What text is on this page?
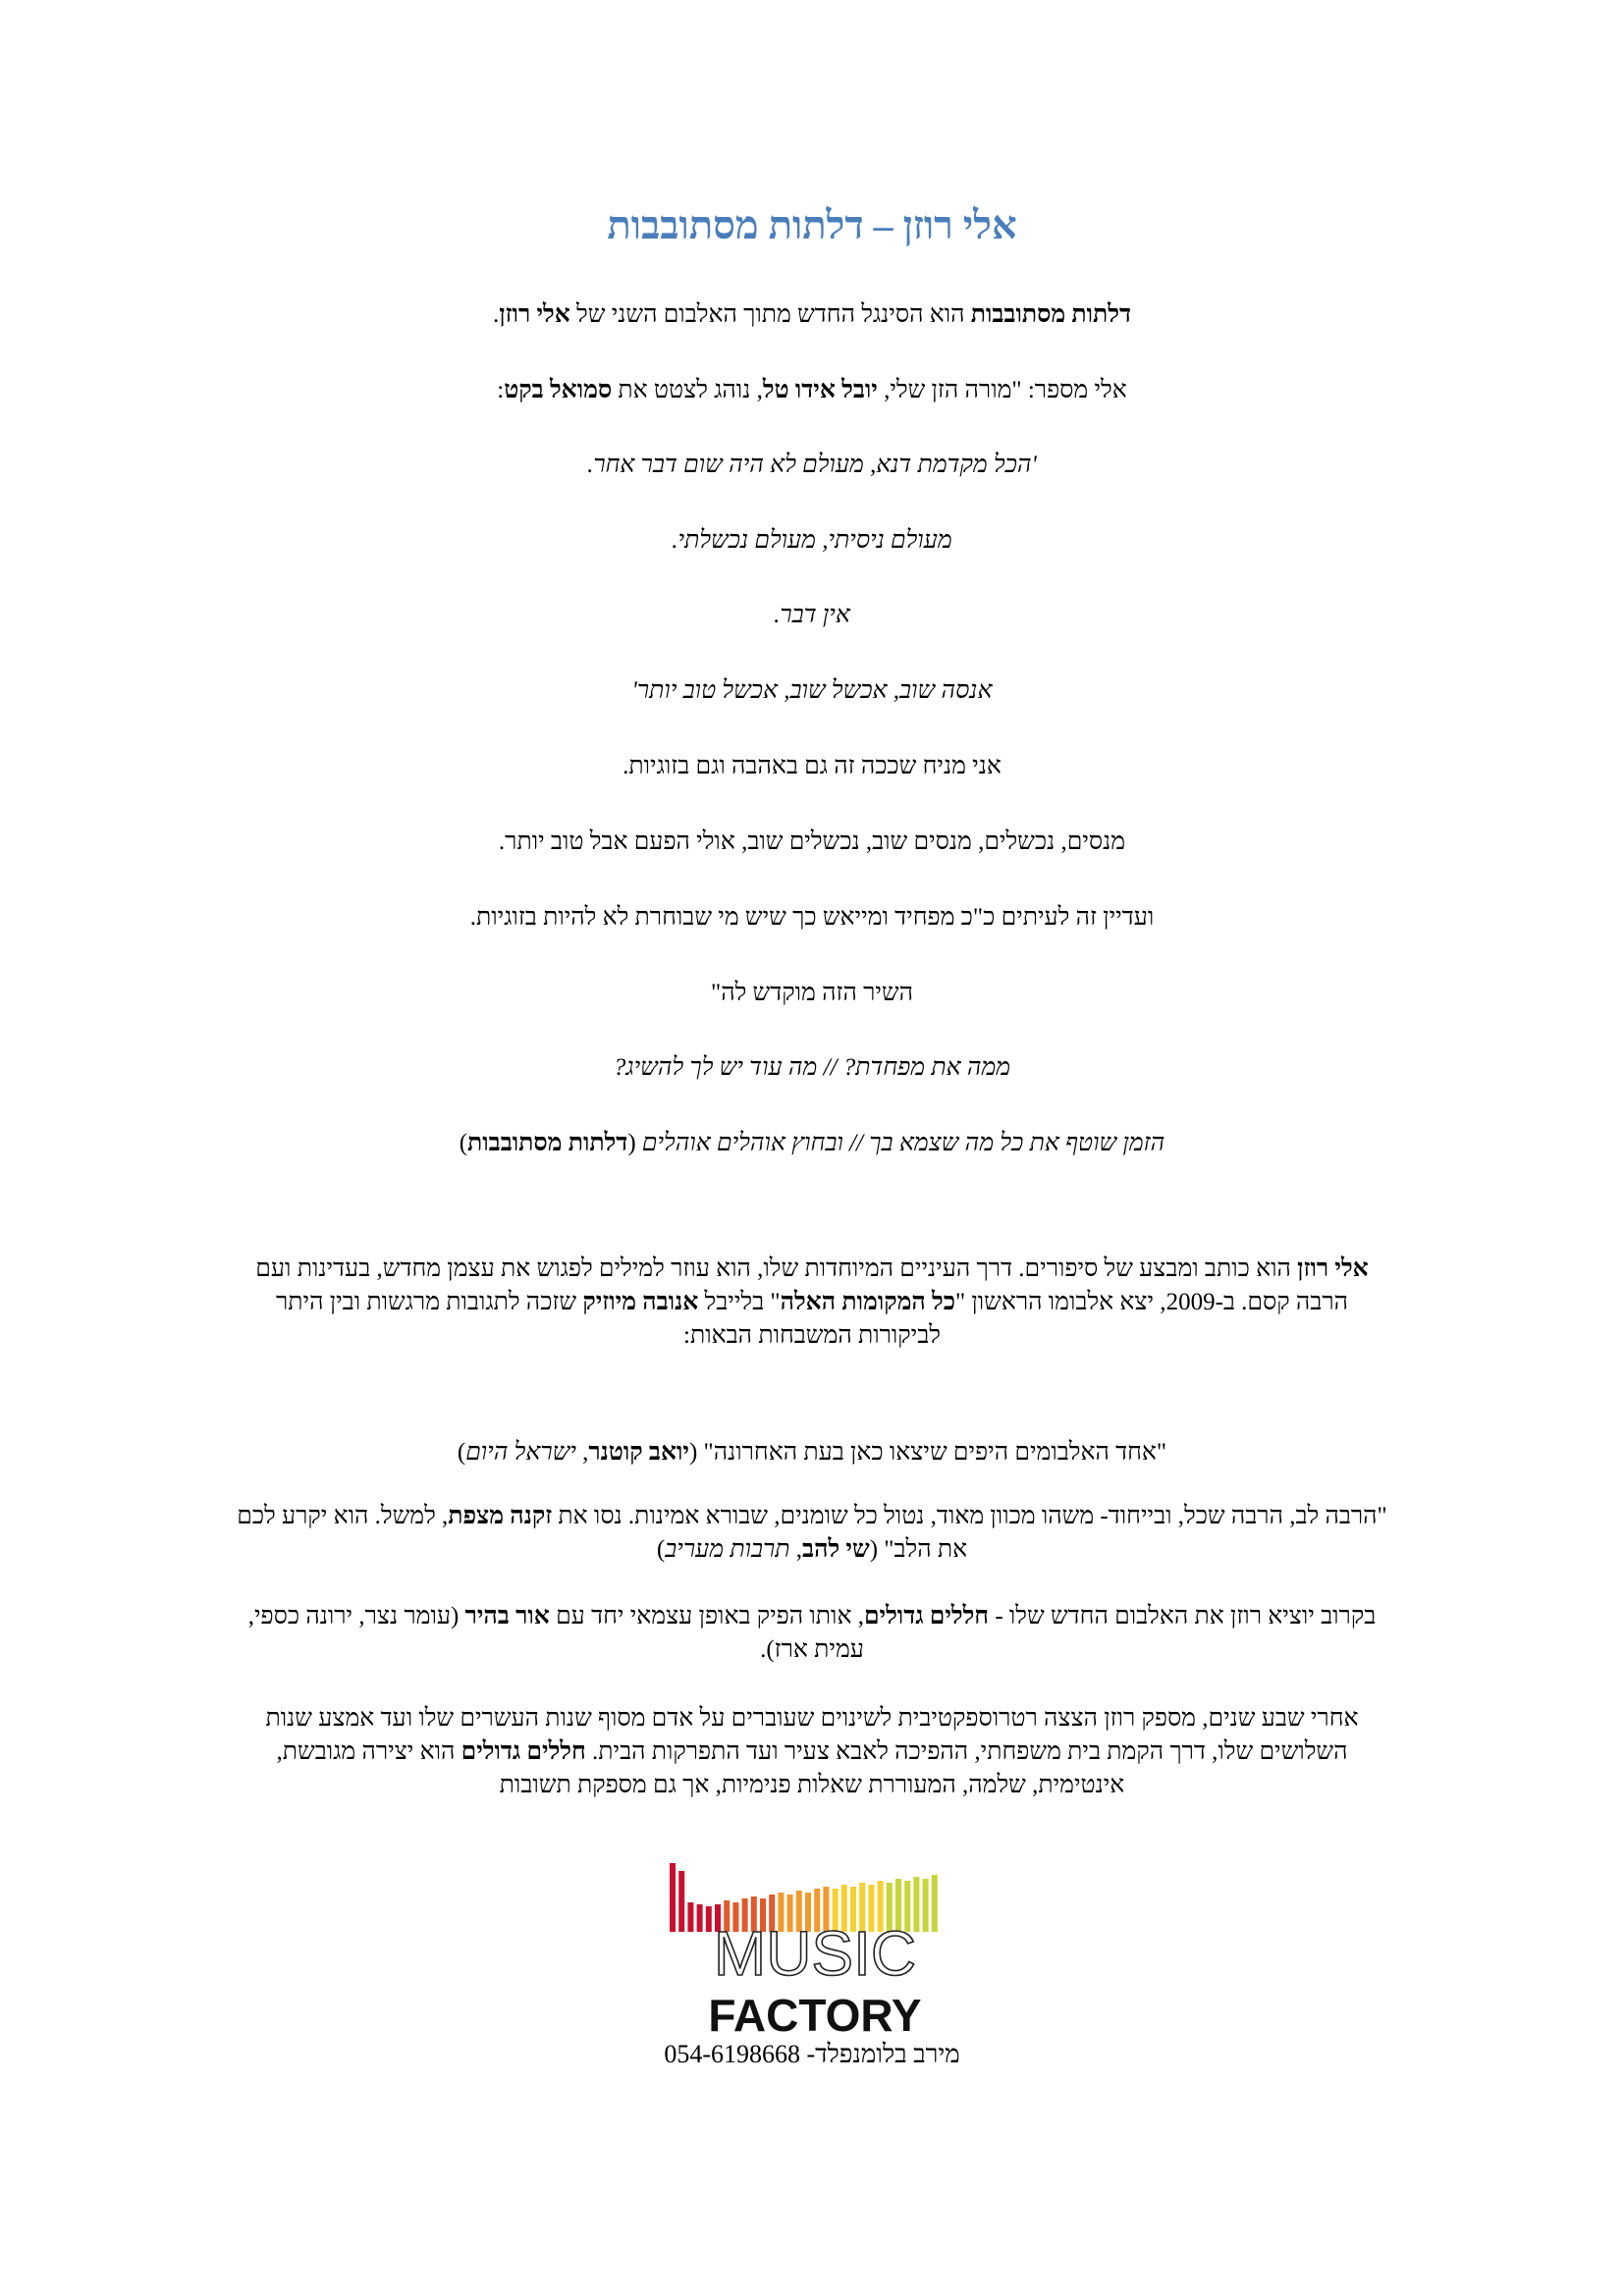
אלי רוזן – דלתות מסתובבות

דלתות מסתובבות הוא הסינגל החדש מתוך האלבום השני של אלי רוזן.

אלי מספר: "מורה הזן שלי, יובל אידו טל, נוהג לצטט את סמואל בקט:

'הכל מקדמת דנא, מעולם לא היה שום דבר אחר.

מעולם ניסיתי, מעולם נכשלתי.

אין דבר.

אנסה שוב, אכשל שוב, אכשל טוב יותר'

אני מניח שככה זה גם באהבה וגם בזוגיות.

מנסים, נכשלים, מנסים שוב, נכשלים שוב, אולי הפעם אבל טוב יותר.

ועדיין זה לעיתים כ"כ מפחיד ומייאש כך שיש מי שבוחרת לא להיות בזוגיות.

השיר הזה מוקדש לה"

ממה את מפחדת? // מה עוד יש לך להשיג?

הזמן שוטף את כל מה שצמא בך // ובחוץ אוהלים אוהלים (דלתות מסתובבות)

אלי רוזן הוא כותב ומבצע של סיפורים. דרך העיניים המיוחדות שלו, הוא עוזר למילים לפגוש את עצמן מחדש, בעדינות ועם הרבה קסם. ב-2009, יצא אלבומו הראשון "כל המקומות האלה" בלייבל אנובה מיוזיק שזכה לתגובות מרגשות ובין היתר לביקורות המשבחות הבאות:

"אחד האלבומים היפים שיצאו כאן בעת האחרונה" (יואב קוטנר, ישראל היום)

"הרבה לב, הרבה שכל, ובייחוד- משהו מכוון מאוד, נטול כל שומנים, שבורא אמינות. נסו את זקנה מצפת, למשל. הוא יקרע לכם את הלב" (שי להב, תרבות מעריב)

בקרוב יוציא רוזן את האלבום החדש שלו - חללים גדולים, אותו הפיק באופן עצמאי יחד עם אור בהיר (עומר נצר, ירונה כספי, עמית ארז).

אחרי שבע שנים, מספק רוזן הצצה רטרוספקטיבית לשינוים שעוברים על אדם מסוף שנות העשרים שלו ועד אמצע שנות השלושים שלו, דרך הקמת בית משפחתי, ההפיכה לאבא צעיר ועד התפרקות הבית. חללים גדולים הוא יצירה מגובשת, אינטימית, שלמה, המעוררת שאלות פנימיות, אך גם מספקת תשובות

MUSIC
FACTORY

מירב בלומנפלד- 054-6198668
